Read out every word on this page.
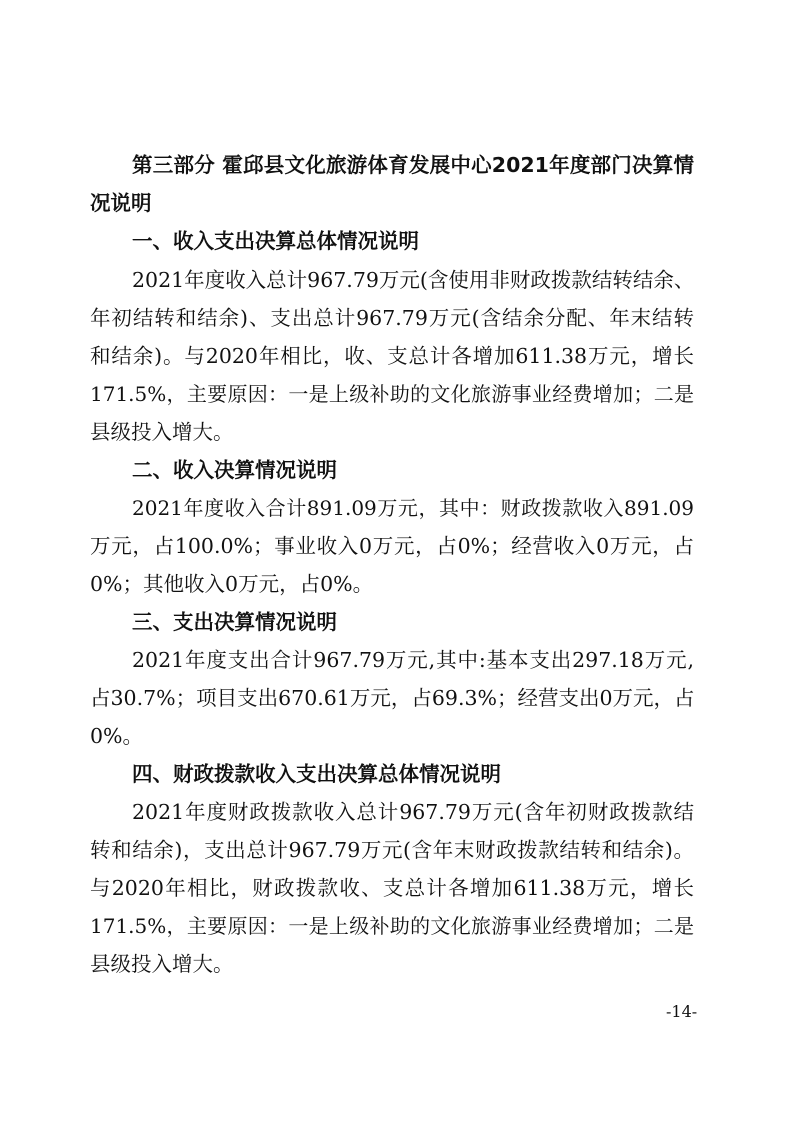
第三部分 霍邱县文化旅游体育发展中心2021年度部门决算情
况说明
一、收入支出决算总体情况说明
2021年度收入总计967.79万元(含使用非财政拨款结转结余、
年初结转和结余)、支出总计967.79万元(含结余分配、年末结转
和结余)。与2020年相比，收、支总计各增加611.38万元，增长
171.5%，主要原因：一是上级补助的文化旅游事业经费增加；二是
县级投入增大。
二、收入决算情况说明
2021年度收入合计891.09万元，其中：财政拨款收入891.09
万元，占100.0%；事业收入0万元，占0%；经营收入0万元，占
0%；其他收入0万元，占0%。
三、支出决算情况说明
2021年度支出合计967.79万元,其中:基本支出297.18万元,
占30.7%；项目支出670.61万元，占69.3%；经营支出0万元，占
0%。
四、财政拨款收入支出决算总体情况说明
2021年度财政拨款收入总计967.79万元(含年初财政拨款结
转和结余)，支出总计967.79万元(含年末财政拨款结转和结余)。
与2020年相比，财政拨款收、支总计各增加611.38万元，增长
171.5%，主要原因：一是上级补助的文化旅游事业经费增加；二是
县级投入增大。
-14-
